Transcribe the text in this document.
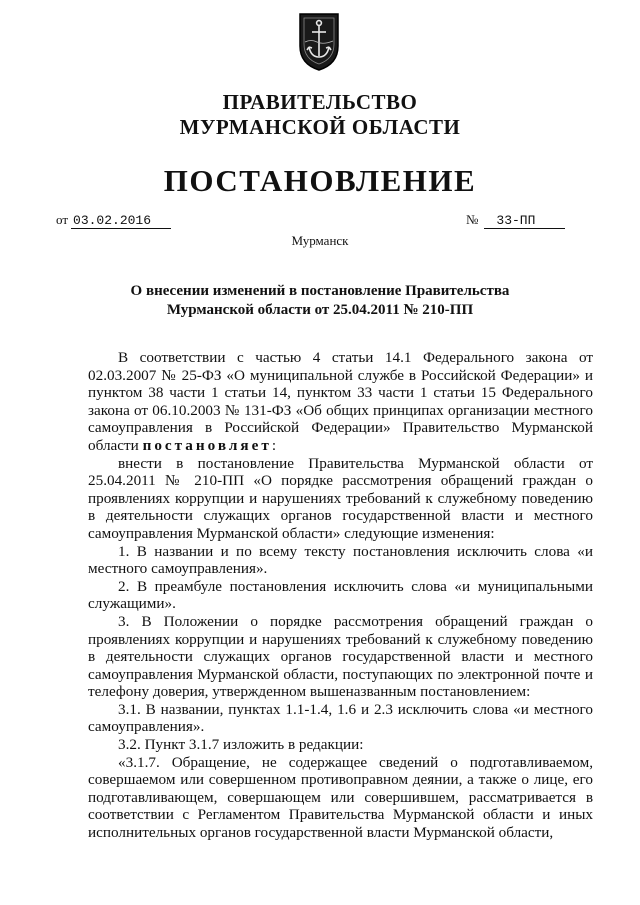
ПРАВИТЕЛЬСТВО
МУРМАНСКОЙ ОБЛАСТИ
ПОСТАНОВЛЕНИЕ
от 03.02.2016	№ 33-ПП
Мурманск
О внесении изменений в постановление Правительства
Мурманской области от 25.04.2011 № 210-ПП

В соответствии с частью 4 статьи 14.1 Федерального закона от 02.03.2007 № 25-ФЗ «О муниципальной службе в Российской Федерации» и пунктом 38 части 1 статьи 14, пунктом 33 части 1 статьи 15 Федерального закона от 06.10.2003 № 131-ФЗ «Об общих принципах организации местного самоуправления в Российской Федерации» Правительство Мурманской области постановляет:

внести в постановление Правительства Мурманской области от 25.04.2011 № 210-ПП «О порядке рассмотрения обращений граждан о проявлениях коррупции и нарушениях требований к служебному поведению в деятельности служащих органов государственной власти и местного самоуправления Мурманской области» следующие изменения:

1. В названии и по всему тексту постановления исключить слова «и местного самоуправления».

2. В преамбуле постановления исключить слова «и муниципальными служащими».

3. В Положении о порядке рассмотрения обращений граждан о проявлениях коррупции и нарушениях требований к служебному поведению в деятельности служащих органов государственной власти и местного самоуправления Мурманской области, поступающих по электронной почте и телефону доверия, утвержденном вышеназванным постановлением:

3.1. В названии, пунктах 1.1-1.4, 1.6 и 2.3 исключить слова «и местного самоуправления».

3.2. Пункт 3.1.7 изложить в редакции:

«3.1.7. Обращение, не содержащее сведений о подготавливаемом, совершаемом или совершенном противоправном деянии, а также о лице, его подготавливающем, совершающем или совершившем, рассматривается в соответствии с Регламентом Правительства Мурманской области и иных исполнительных органов государственной власти Мурманской области,
